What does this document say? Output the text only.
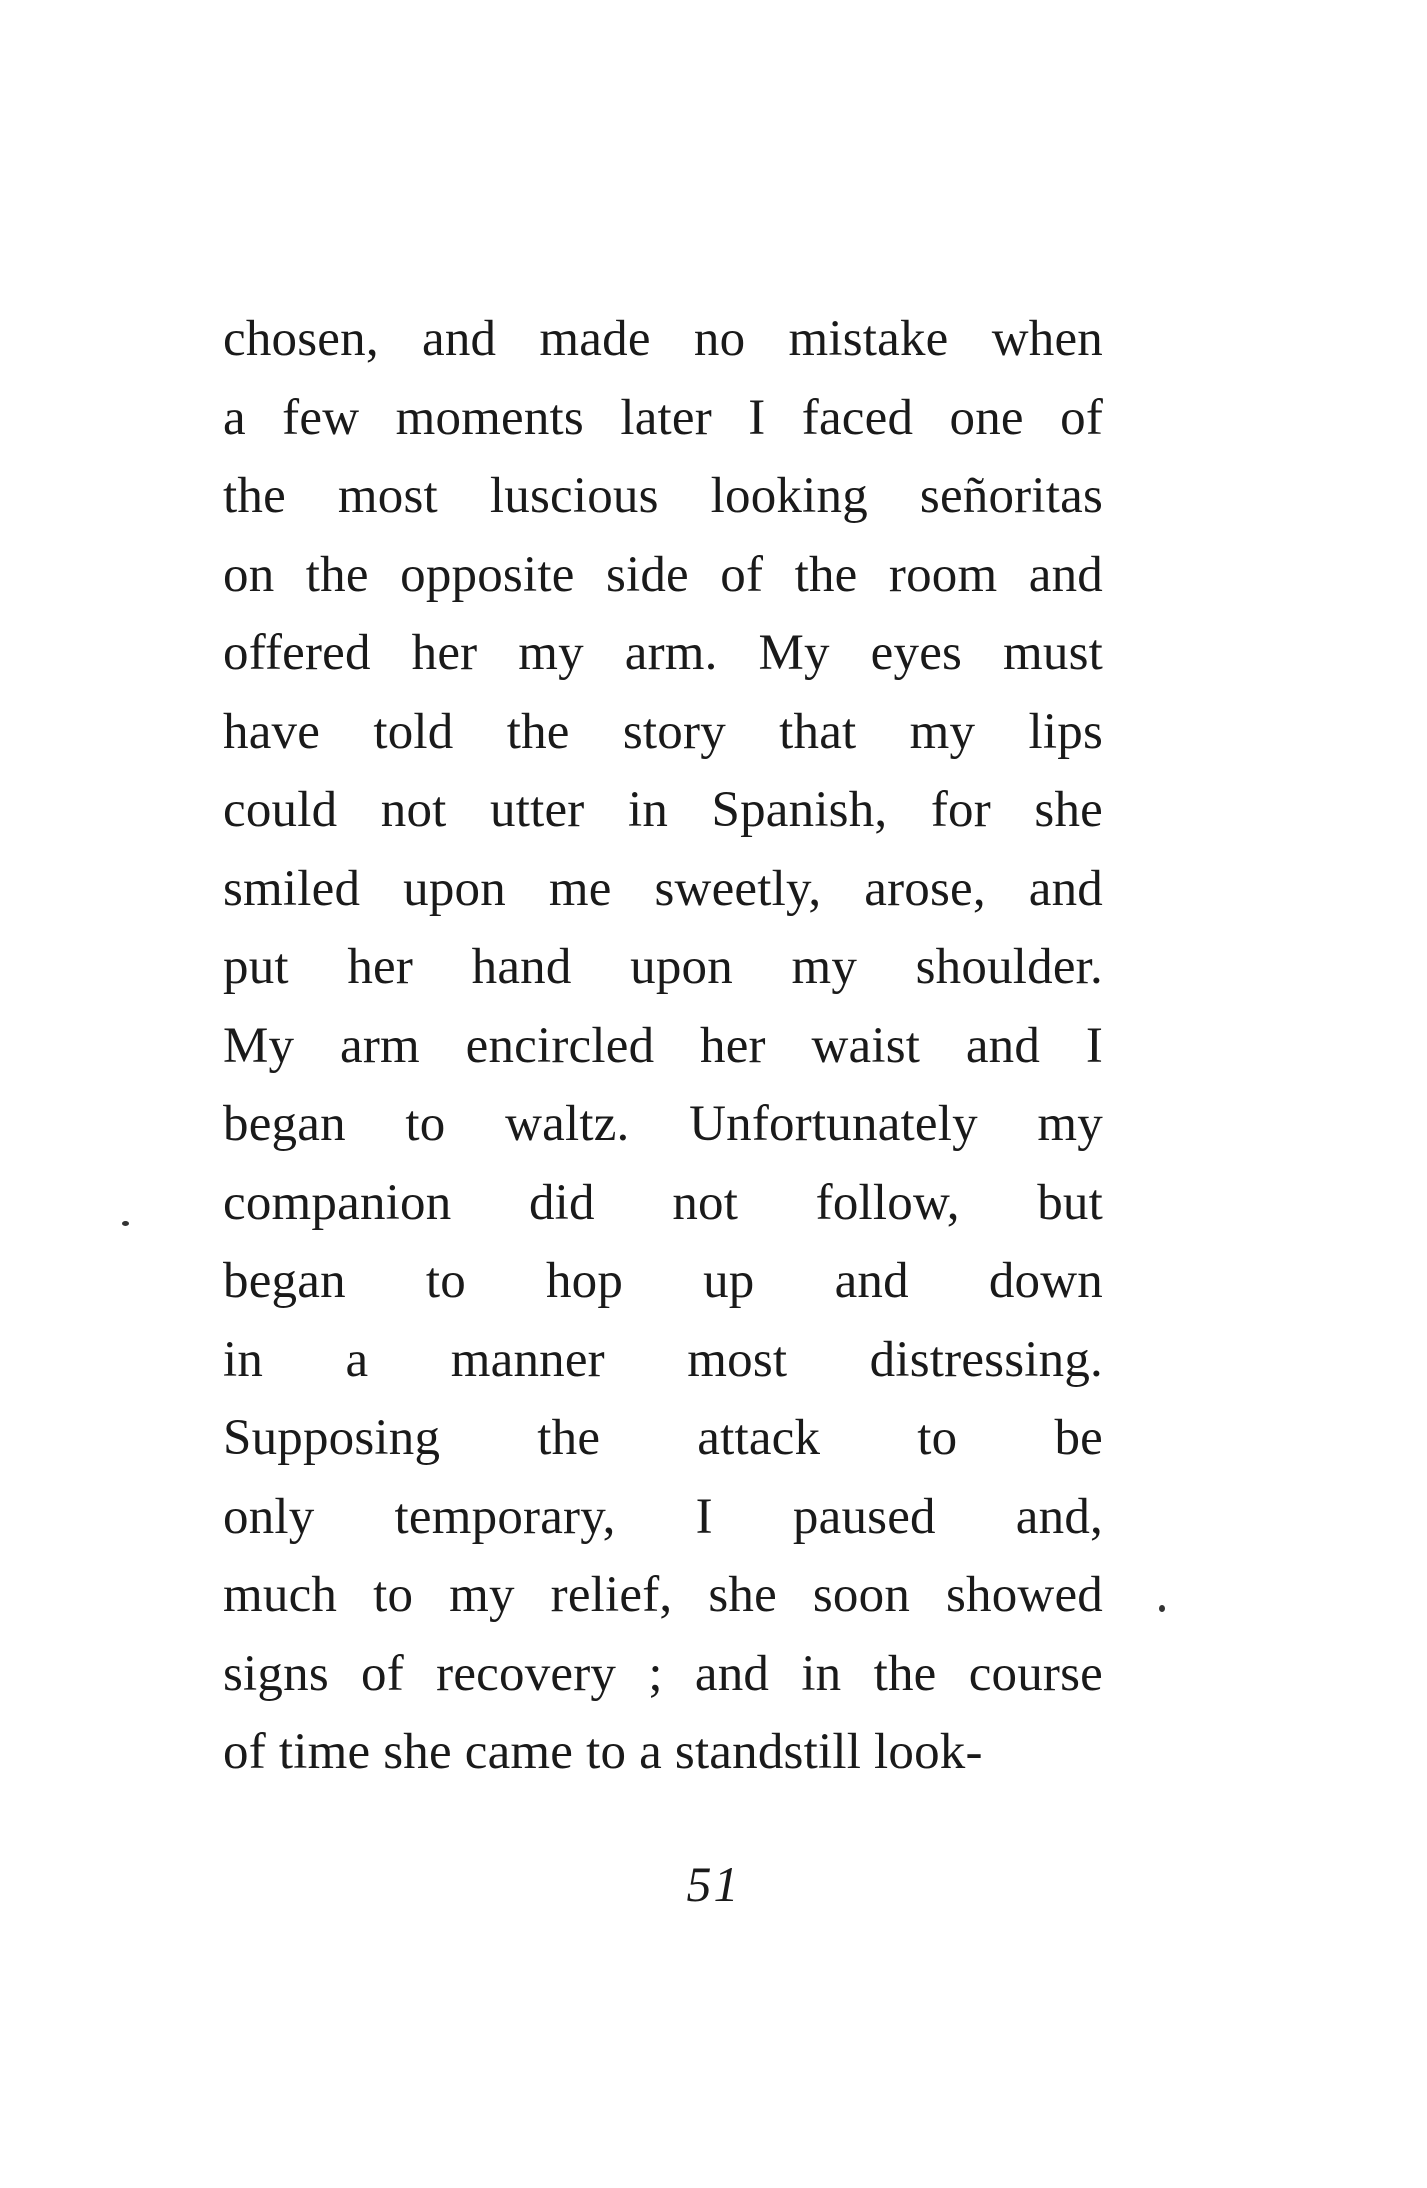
chosen, and made no mistake when
a few moments later I faced one of
the most luscious looking señoritas
on the opposite side of the room and
offered her my arm. My eyes must
have told the story that my lips
could not utter in Spanish, for she
smiled upon me sweetly, arose, and
put her hand upon my shoulder.
My arm encircled her waist and I
began to waltz. Unfortunately my
companion did not follow, but
began to hop up and down
in a manner most distressing.
Supposing the attack to be
only temporary, I paused and,
much to my relief, she soon showed
signs of recovery ; and in the course
of time she came to a standstill look-
51
